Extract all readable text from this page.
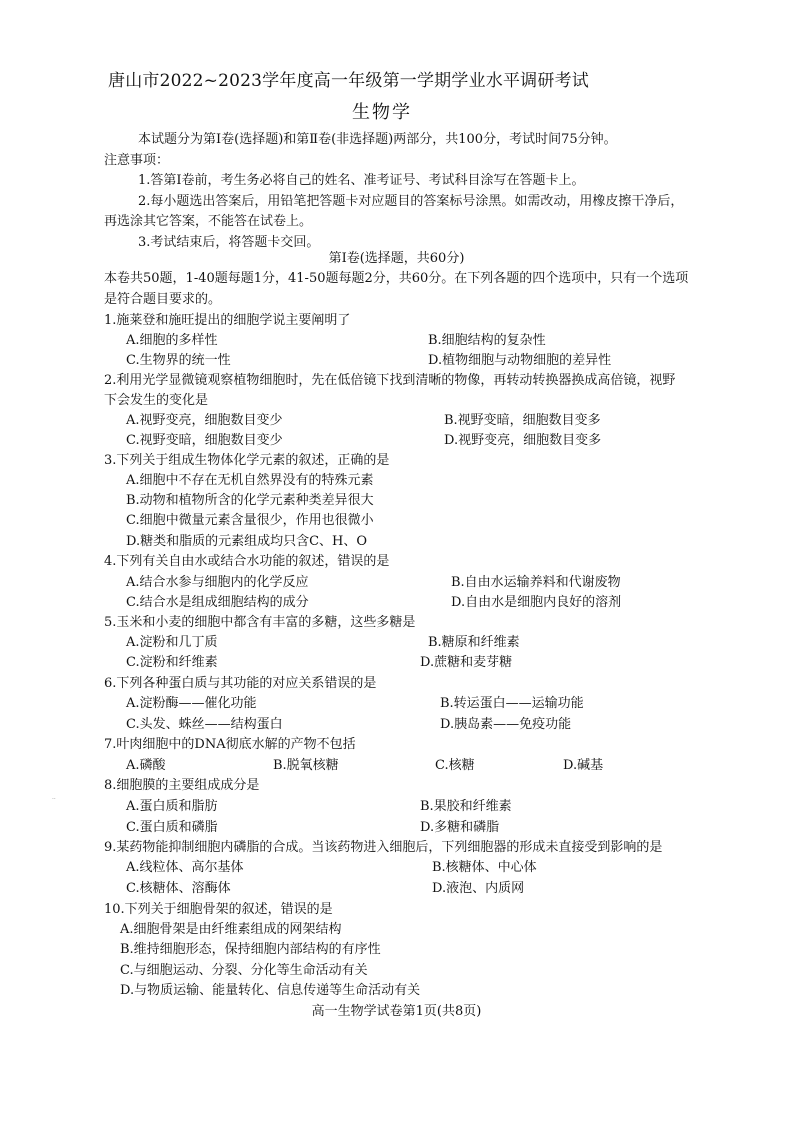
唐山市2022~2023学年度高一年级第一学期学业水平调研考试
生物学
本试题分为第Ⅰ卷(选择题)和第Ⅱ卷(非选择题)两部分，共100分，考试时间75分钟。
注意事项：
1.答第Ⅰ卷前，考生务必将自己的姓名、准考证号、考试科目涂写在答题卡上。
2.每小题选出答案后，用铅笔把答题卡对应题目的答案标号涂黑。如需改动，用橡皮擦干净后，
再选涂其它答案，不能答在试卷上。
3.考试结束后，将答题卡交回。
第Ⅰ卷(选择题，共60分)
本卷共50题，1-40题每题1分，41-50题每题2分，共60分。在下列各题的四个选项中，只有一个选项
是符合题目要求的。
1.施莱登和施旺提出的细胞学说主要阐明了
A.细胞的多样性	B.细胞结构的复杂性
C.生物界的统一性	D.植物细胞与动物细胞的差异性
2.利用光学显微镜观察植物细胞时，先在低倍镜下找到清晰的物像，再转动转换器换成高倍镜，视野
下会发生的变化是
A.视野变亮，细胞数目变少	B.视野变暗，细胞数目变多
C.视野变暗，细胞数目变少	D.视野变亮，细胞数目变多
3.下列关于组成生物体化学元素的叙述，正确的是
A.细胞中不存在无机自然界没有的特殊元素
B.动物和植物所含的化学元素种类差异很大
C.细胞中微量元素含量很少，作用也很微小
D.糖类和脂质的元素组成均只含C、H、O
4.下列有关自由水或结合水功能的叙述，错误的是
A.结合水参与细胞内的化学反应	B.自由水运输养料和代谢废物
C.结合水是组成细胞结构的成分	D.自由水是细胞内良好的溶剂
5.玉米和小麦的细胞中都含有丰富的多糖，这些多糖是
A.淀粉和几丁质	B.糖原和纤维素
C.淀粉和纤维素	D.蔗糖和麦芽糖
6.下列各种蛋白质与其功能的对应关系错误的是
A.淀粉酶——催化功能	B.转运蛋白——运输功能
C.头发、蛛丝——结构蛋白	D.胰岛素——免疫功能
7.叶肉细胞中的DNA彻底水解的产物不包括
A.磷酸	B.脱氧核糖	C.核糖	D.碱基
8.细胞膜的主要组成成分是
A.蛋白质和脂肪	B.果胶和纤维素
C.蛋白质和磷脂	D.多糖和磷脂
9.某药物能抑制细胞内磷脂的合成。当该药物进入细胞后，下列细胞器的形成未直接受到影响的是
A.线粒体、高尔基体	B.核糖体、中心体
C.核糖体、溶酶体	D.液泡、内质网
10.下列关于细胞骨架的叙述，错误的是
A.细胞骨架是由纤维素组成的网架结构
B.维持细胞形态，保持细胞内部结构的有序性
C.与细胞运动、分裂、分化等生命活动有关
D.与物质运输、能量转化、信息传递等生命活动有关
高一生物学试卷第1页(共8页)
··
